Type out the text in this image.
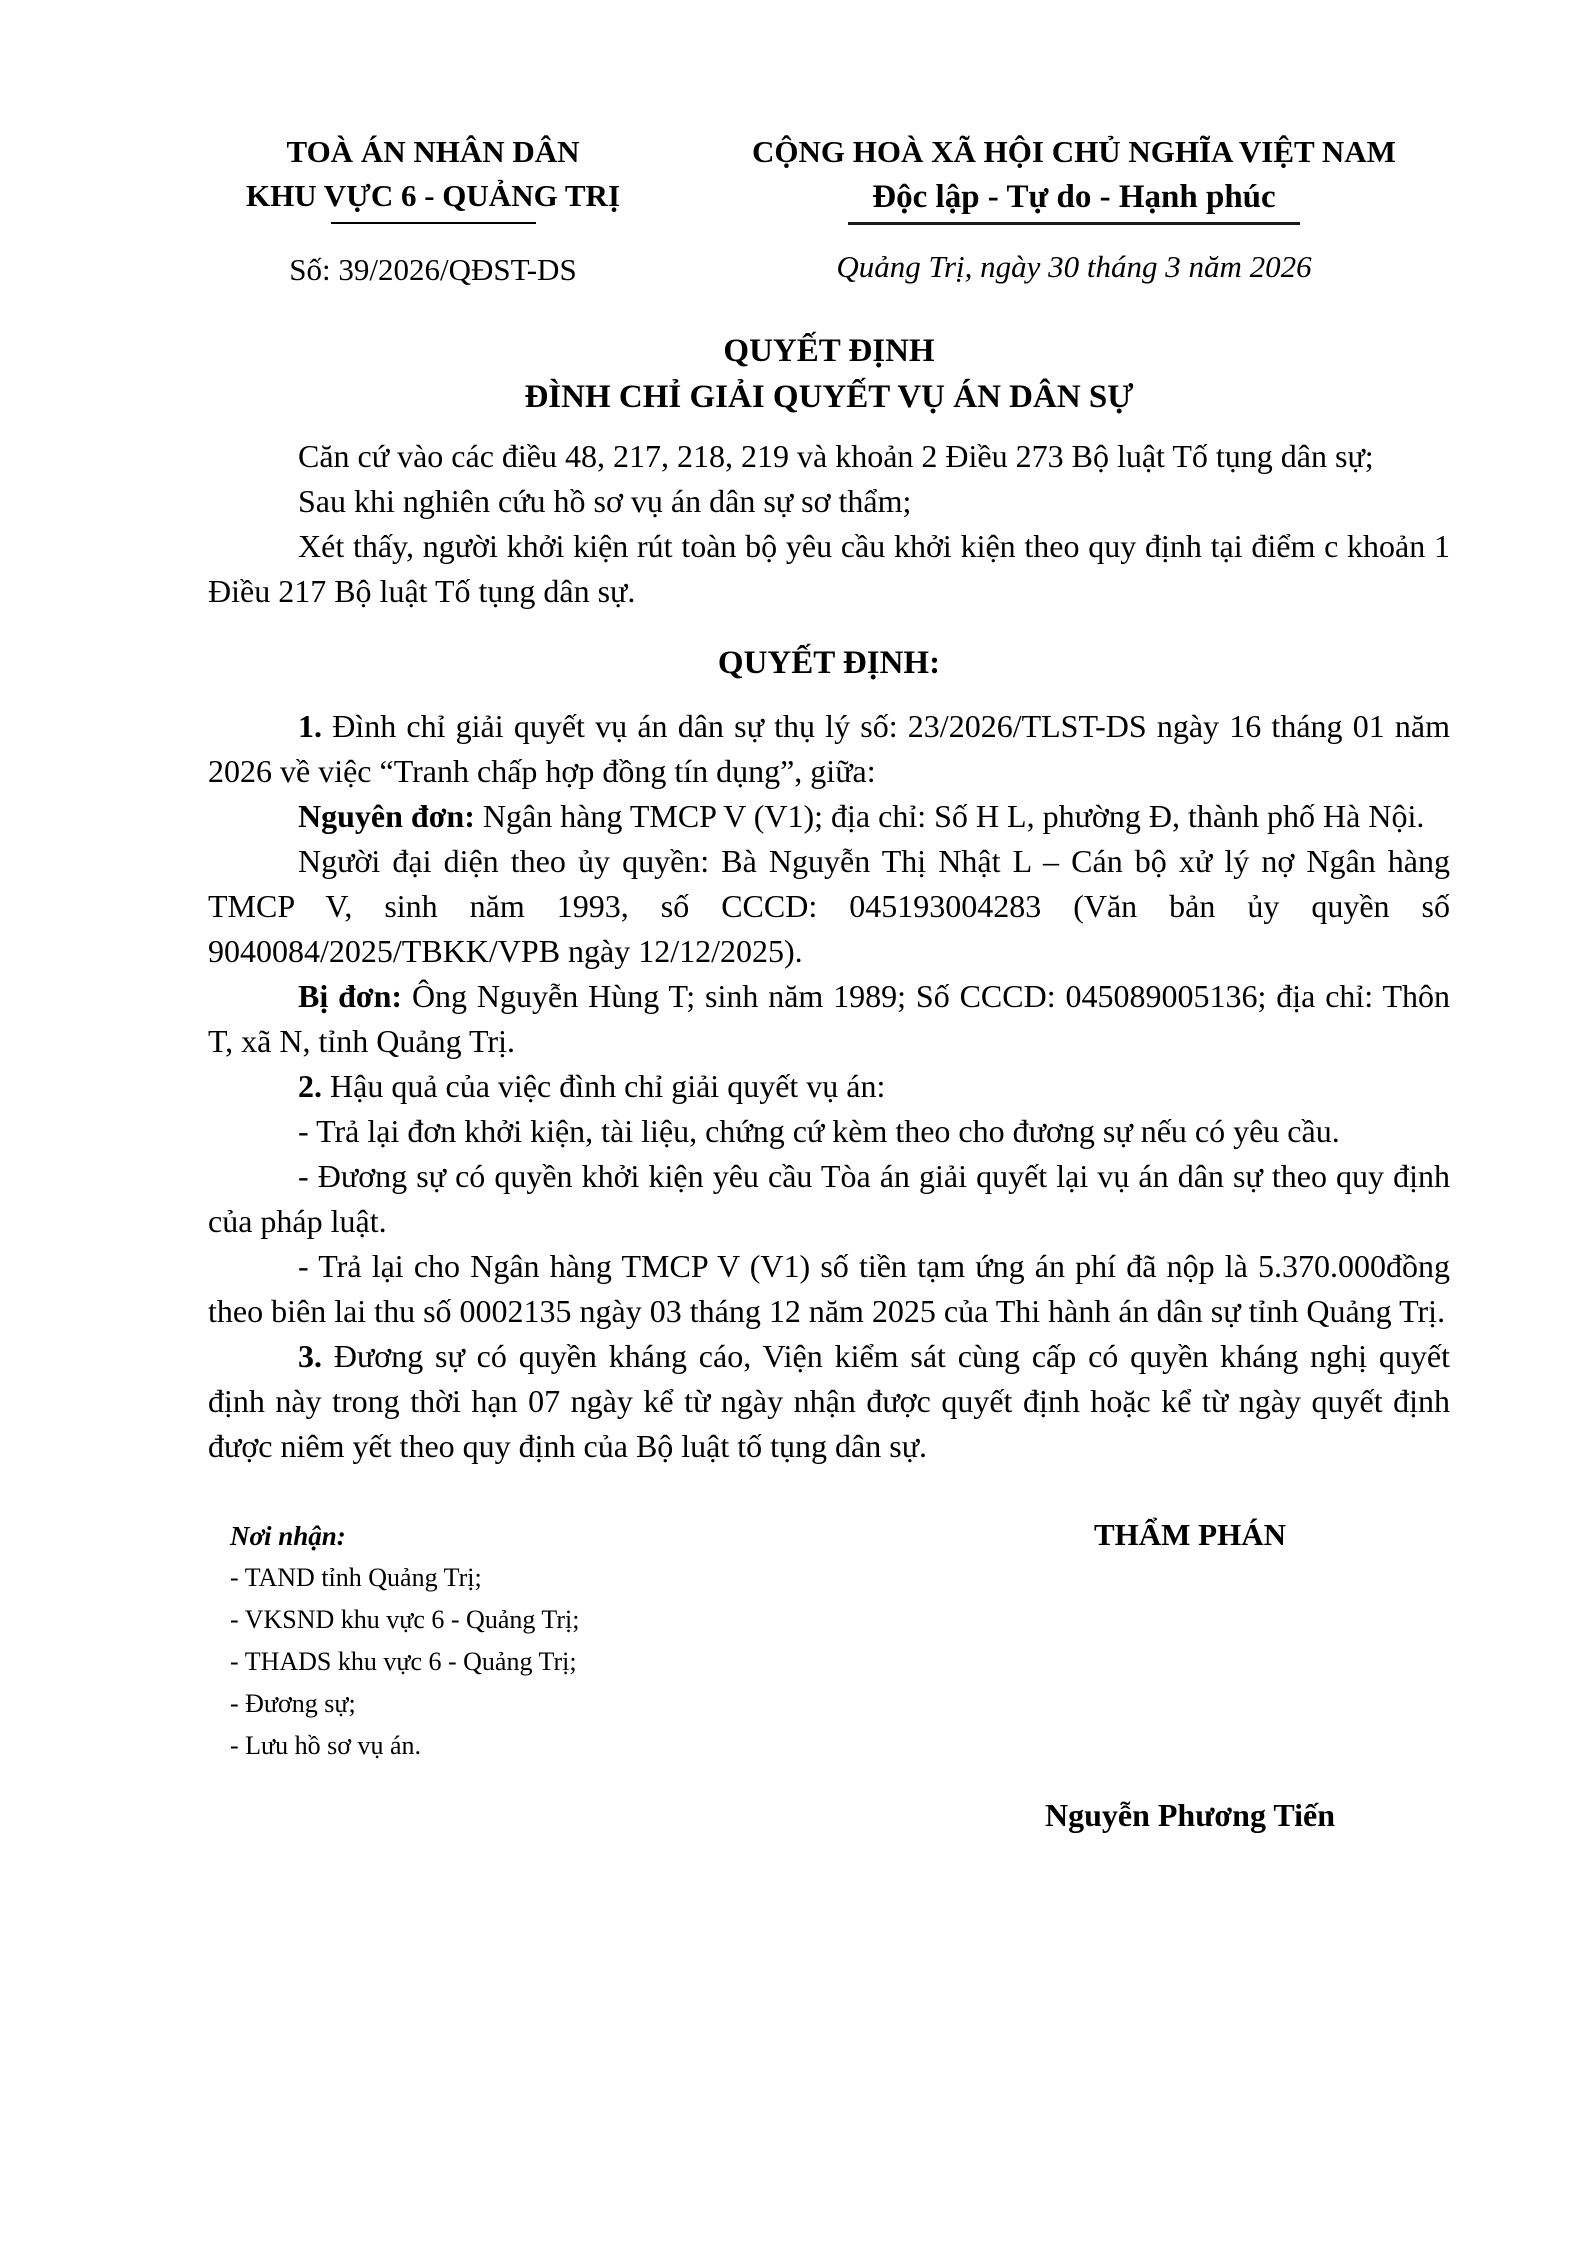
TOÀ ÁN NHÂN DÂN
KHU VỰC 6 - QUẢNG TRỊ
Số: 39/2026/QĐST-DS
CỘNG HOÀ XÃ HỘI CHỦ NGHĨA VIỆT NAM
Độc lập - Tự do - Hạnh phúc
Quảng Trị, ngày 30 tháng 3 năm 2026
QUYẾT ĐỊNH
ĐÌNH CHỈ GIẢI QUYẾT VỤ ÁN DÂN SỰ

Căn cứ vào các điều 48, 217, 218, 219 và khoản 2 Điều 273 Bộ luật Tố tụng dân sự;

Sau khi nghiên cứu hồ sơ vụ án dân sự sơ thẩm;

Xét thấy, người khởi kiện rút toàn bộ yêu cầu khởi kiện theo quy định tại điểm c khoản 1 Điều 217 Bộ luật Tố tụng dân sự.

QUYẾT ĐỊNH:

1. Đình chỉ giải quyết vụ án dân sự thụ lý số: 23/2026/TLST-DS ngày 16 tháng 01 năm 2026 về việc “Tranh chấp hợp đồng tín dụng”, giữa:

Nguyên đơn: Ngân hàng TMCP V (V1); địa chỉ: Số H L, phường Đ, thành phố Hà Nội.

Người đại diện theo ủy quyền: Bà Nguyễn Thị Nhật L – Cán bộ xử lý nợ Ngân hàng TMCP V, sinh năm 1993, số CCCD: 045193004283 (Văn bản ủy quyền số 9040084/2025/TBKK/VPB ngày 12/12/2025).

Bị đơn: Ông Nguyễn Hùng T; sinh năm 1989; Số CCCD: 045089005136; địa chỉ: Thôn T, xã N, tỉnh Quảng Trị.

2. Hậu quả của việc đình chỉ giải quyết vụ án:

- Trả lại đơn khởi kiện, tài liệu, chứng cứ kèm theo cho đương sự nếu có yêu cầu.

- Đương sự có quyền khởi kiện yêu cầu Tòa án giải quyết lại vụ án dân sự theo quy định của pháp luật.

- Trả lại cho Ngân hàng TMCP V (V1) số tiền tạm ứng án phí đã nộp là 5.370.000đồng theo biên lai thu số 0002135 ngày 03 tháng 12 năm 2025 của Thi hành án dân sự tỉnh Quảng Trị.

3. Đương sự có quyền kháng cáo, Viện kiểm sát cùng cấp có quyền kháng nghị quyết định này trong thời hạn 07 ngày kể từ ngày nhận được quyết định hoặc kể từ ngày quyết định được niêm yết theo quy định của Bộ luật tố tụng dân sự.

Nơi nhận:
- TAND tỉnh Quảng Trị;
- VKSND khu vực 6 - Quảng Trị;
- THADS khu vực 6 - Quảng Trị;
- Đương sự;
- Lưu hồ sơ vụ án.
THẨM PHÁN
Nguyễn Phương Tiến
